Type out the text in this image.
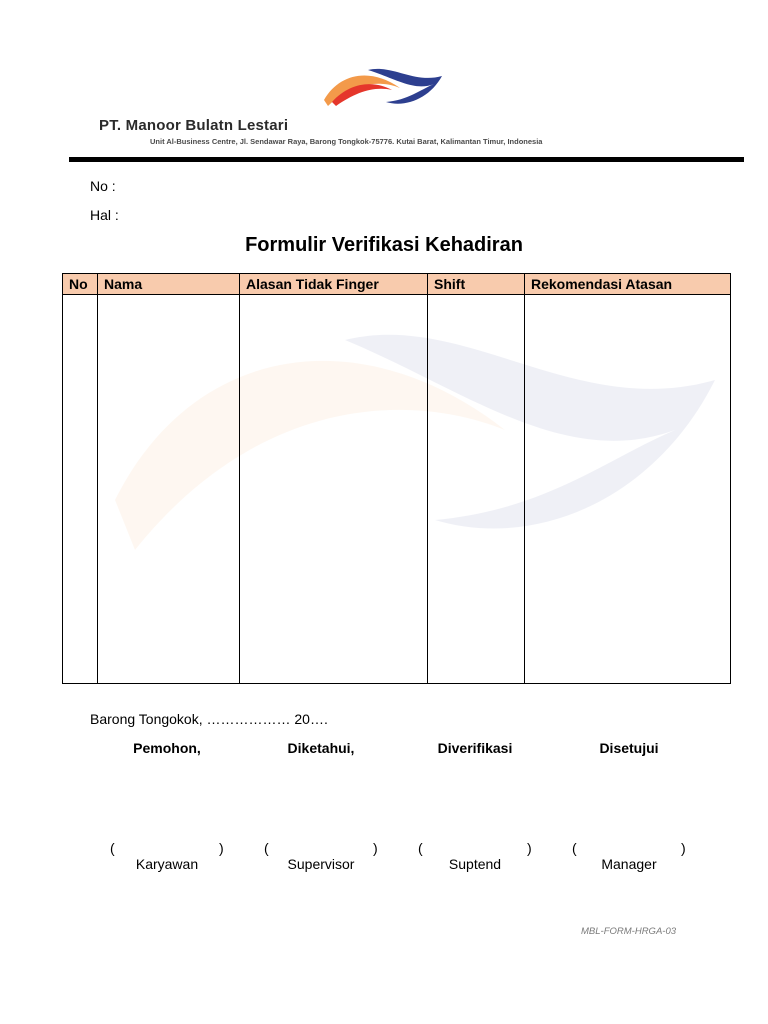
PT. Manoor Bulatn Lestari
Unit Al-Business Centre, Jl. Sendawar Raya, Barong Tongkok-75776. Kutai Barat, Kalimantan Timur, Indonesia
No :
Hal :
Formulir Verifikasi Kehadiran
No	Nama	Alasan Tidak Finger	Shift	Rekomendasi Atasan

Barong Tongokok, ……………… 20….
Pemohon,	Diketahui,	Diverifikasi	Disetujui
(	)	(	)	(	)	(	)
Karyawan	Supervisor	Suptend	Manager
MBL-FORM-HRGA-03
